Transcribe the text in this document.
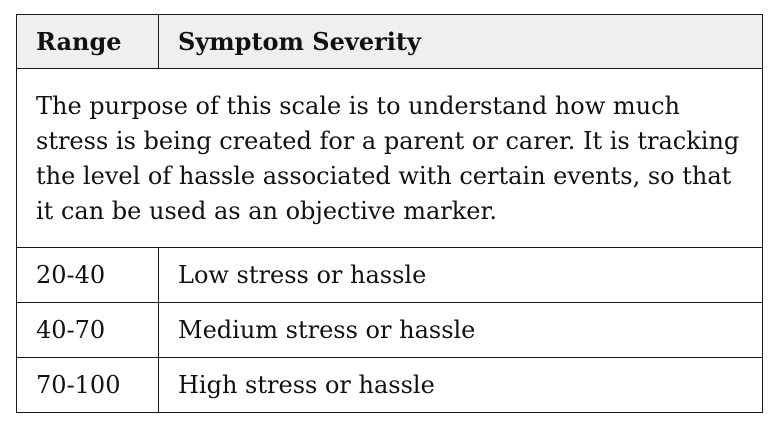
Range	Symptom Severity
The purpose of this scale is to understand how much stress is being created for a parent or carer. It is tracking the level of hassle associated with certain events, so that it can be used as an objective marker.	
20-40	Low stress or hassle
40-70	Medium stress or hassle
70-100	High stress or hassle
